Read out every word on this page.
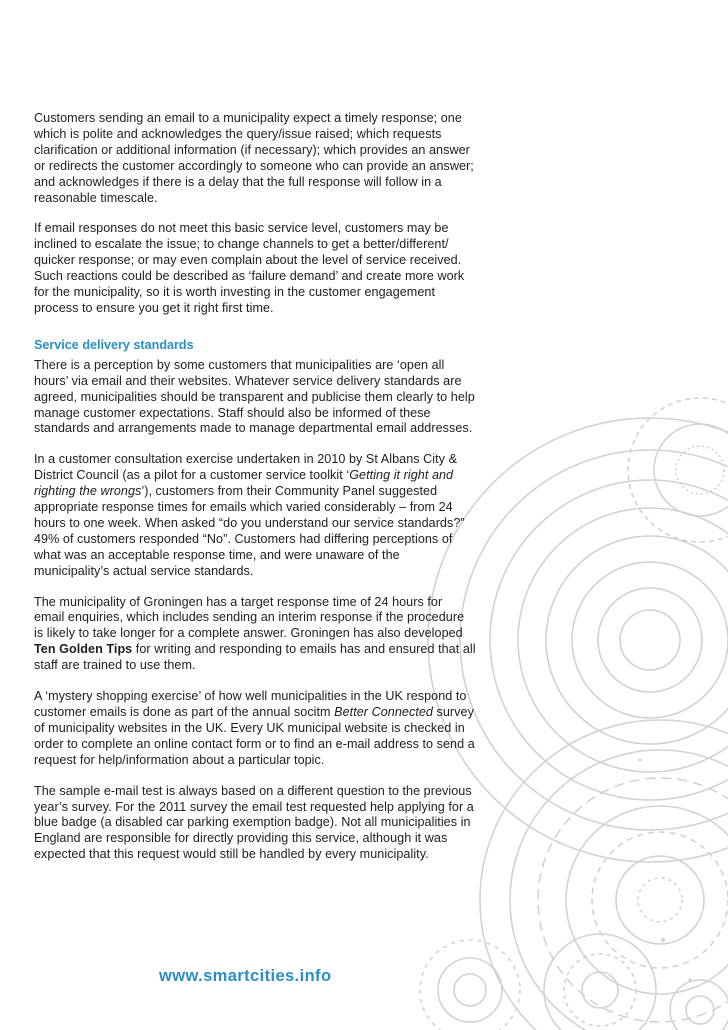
Customers sending an email to a municipality expect a timely response; one which is polite and acknowledges the query/issue raised; which requests clarification or additional information (if necessary); which provides an answer or redirects the customer accordingly to someone who can provide an answer; and acknowledges if there is a delay that the full response will follow in a reasonable timescale.

If email responses do not meet this basic service level, customers may be inclined to escalate the issue; to change channels to get a better/different/ quicker response; or may even complain about the level of service received. Such reactions could be described as ‘failure demand’ and create more work for the municipality, so it is worth investing in the customer engagement process to ensure you get it right first time.

Service delivery standards

There is a perception by some customers that municipalities are ‘open all hours’ via email and their websites. Whatever service delivery standards are agreed, municipalities should be transparent and publicise them clearly to help manage customer expectations. Staff should also be informed of these standards and arrangements made to manage departmental email addresses.

In a customer consultation exercise undertaken in 2010 by St Albans City & District Council (as a pilot for a customer service toolkit ‘Getting it right and righting the wrongs’), customers from their Community Panel suggested appropriate response times for emails which varied considerably – from 24 hours to one week. When asked “do you understand our service standards?” 49% of customers responded “No”. Customers had differing perceptions of what was an acceptable response time, and were unaware of the municipality’s actual service standards.

The municipality of Groningen has a target response time of 24 hours for email enquiries, which includes sending an interim response if the procedure is likely to take longer for a complete answer. Groningen has also developed Ten Golden Tips for writing and responding to emails has and ensured that all staff are trained to use them.

A ‘mystery shopping exercise’ of how well municipalities in the UK respond to customer emails is done as part of the annual socitm Better Connected survey of municipality websites in the UK. Every UK municipal website is checked in order to complete an online contact form or to find an e-mail address to send a request for help/information about a particular topic.

The sample e-mail test is always based on a different question to the previous year’s survey. For the 2011 survey the email test requested help applying for a blue badge (a disabled car parking exemption badge). Not all municipalities in England are responsible for directly providing this service, although it was expected that this request would still be handled by every municipality.

www.smartcities.info
